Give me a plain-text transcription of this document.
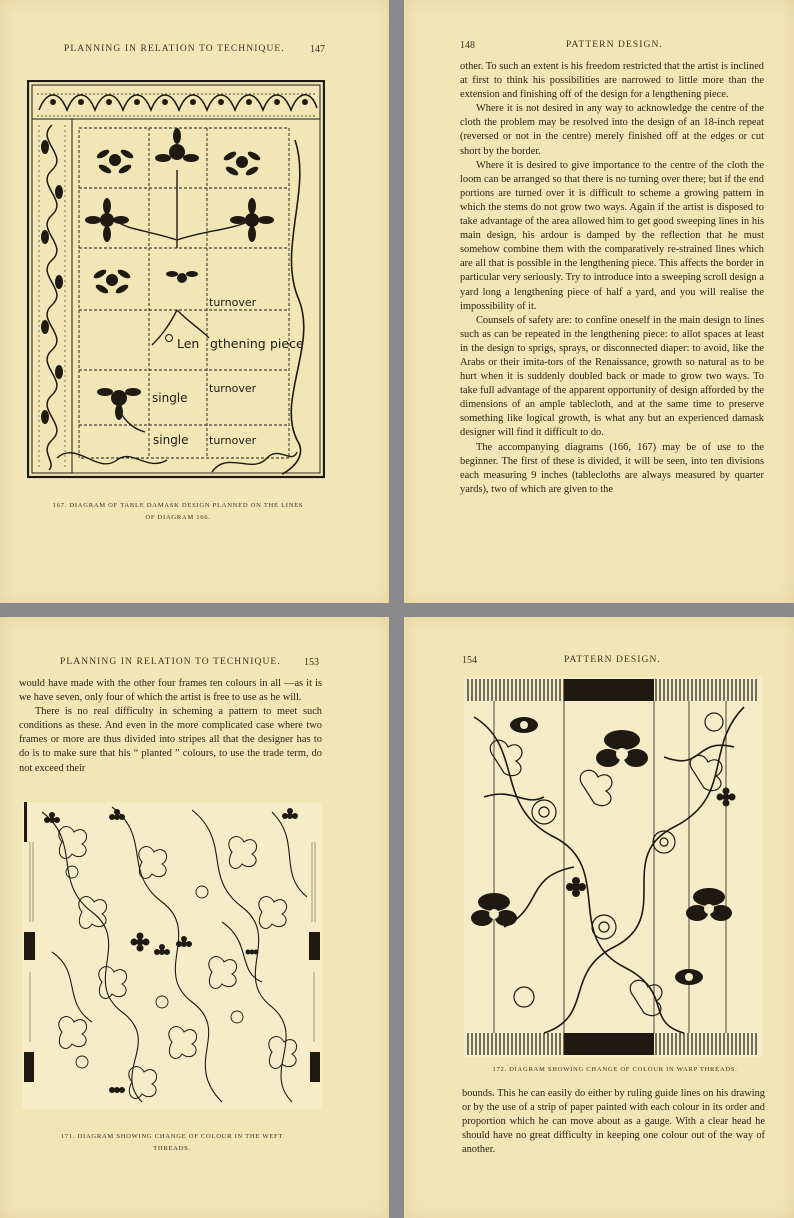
PLANNING IN RELATION TO TECHNIQUE.	147
turnover
Len gthening piece
single
turnover
single turnover
167. DIAGRAM OF TABLE DAMASK DESIGN PLANNED ON THE LINES
OF DIAGRAM 166.
148	PATTERN DESIGN.

other. To such an extent is his freedom restricted that the artist is inclined at first to think his possibilities are narrowed to little more than the extension and finishing off of the design for a lengthening piece.

Where it is not desired in any way to acknowledge the centre of the cloth the problem may be resolved into the design of an 18-inch repeat (reversed or not in the centre) merely finished off at the edges or cut short by the border.

Where it is desired to give importance to the centre of the cloth the loom can be arranged so that there is no turning over there; but if the end portions are turned over it is difficult to scheme a growing pattern in which the stems do not grow two ways. Again if the artist is disposed to take advantage of the area allowed him to get good sweeping lines in his main design, his ardour is damped by the reflection that he must somehow combine them with the comparatively re-strained lines which are all that is possible in the lengthening piece. This affects the border in particular very seriously. Try to introduce into a sweeping scroll design a yard long a lengthening piece of half a yard, and you will realise the impossibility of it.

Counsels of safety are: to confine oneself in the main design to lines such as can be repeated in the lengthening piece: to allot spaces at least in the design to sprigs, sprays, or disconnected diaper: to avoid, like the Arabs or their imita-tors of the Renaissance, growth so natural as to be hurt when it is suddenly doubled back or made to grow two ways. To take full advantage of the apparent opportunity of design afforded by the dimensions of an ample tablecloth, and at the same time to preserve something like logical growth, is what any but an experienced damask designer will find it difficult to do.

The accompanying diagrams (166, 167) may be of use to the beginner. The first of these is divided, it will be seen, into ten divisions each measuring 9 inches (tablecloths are always measured by quarter yards), two of which are given to the

PLANNING IN RELATION TO TECHNIQUE. 153

would have made with the other four frames ten colours in all —as it is we have seven, only four of which the artist is free to use as he will.

There is no real difficulty in scheming a pattern to meet such conditions as these. And even in the more complicated case where two frames or more are thus divided into stripes all that the designer has to do is to make sure that his “ planted ” colours, to use the trade term, do not exceed their

171. DIAGRAM SHOWING CHANGE OF COLOUR IN THE WEFT
THREADS.
154	PATTERN DESIGN.
172. DIAGRAM SHOWING CHANGE OF COLOUR IN WARP THREADS.

bounds. This he can easily do either by ruling guide lines on his drawing or by the use of a strip of paper painted with each colour in its order and proportion which he can move about as a gauge. With a clear head he should have no great difficulty in keeping one colour out of the way of another.
